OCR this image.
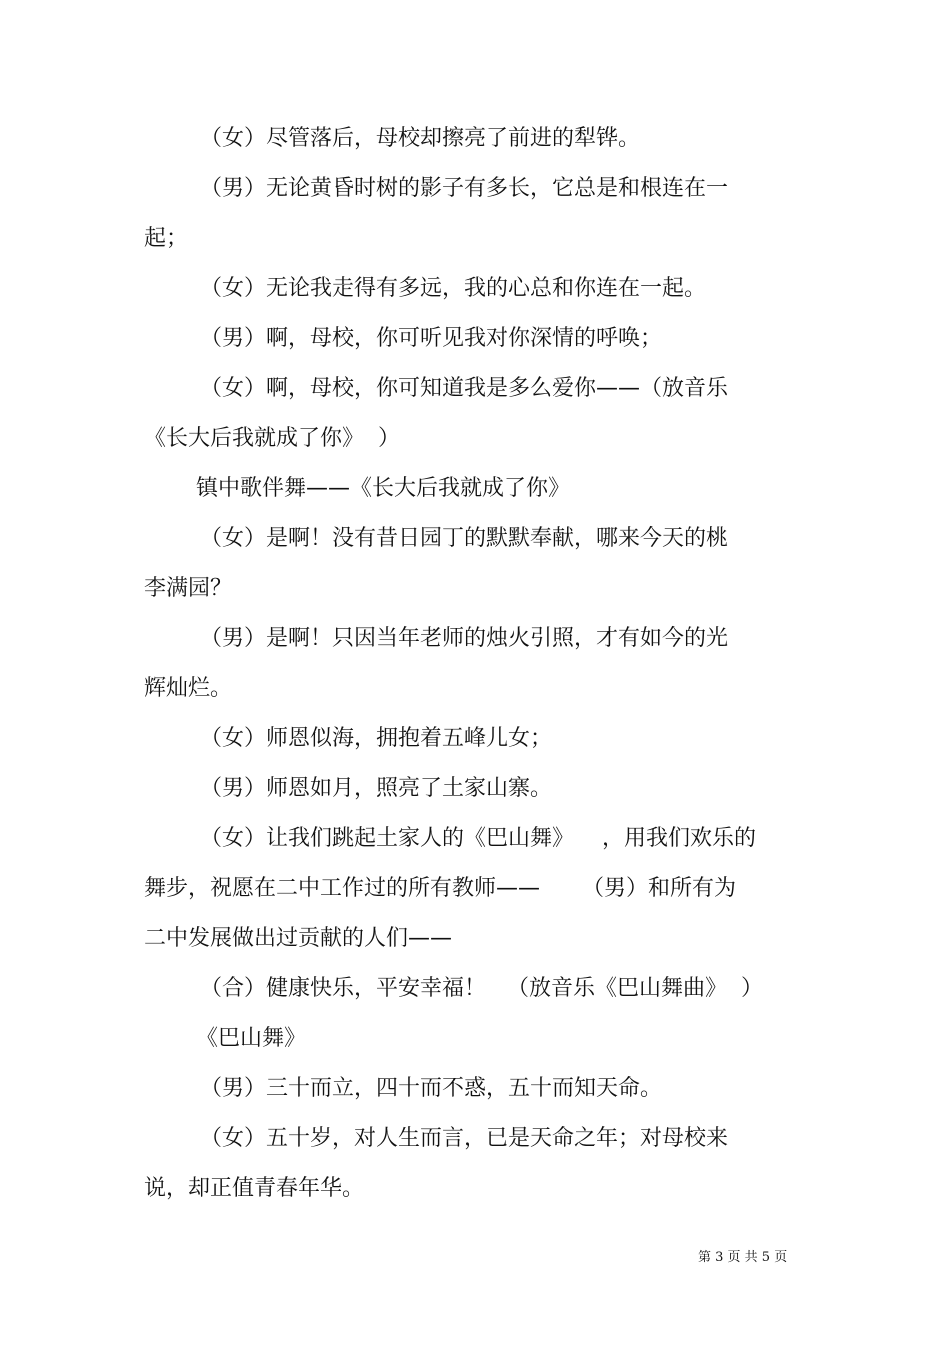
（女）尽管落后，母校却擦亮了前进的犁铧。
（男）无论黄昏时树的影子有多长，它总是和根连在一
起；
（女）无论我走得有多远，我的心总和你连在一起。
（男）啊，母校，你可听见我对你深情的呼唤；
（女）啊，母校，你可知道我是多么爱你——（放音乐
《长大后我就成了你》  ）
镇中歌伴舞——《长大后我就成了你》
（女）是啊！没有昔日园丁的默默奉献，哪来今天的桃
李满园？
（男）是啊！只因当年老师的烛火引照，才有如今的光
辉灿烂。
（女）师恩似海，拥抱着五峰儿女；
（男）师恩如月，照亮了土家山寨。
（女）让我们跳起土家人的《巴山舞》    ，用我们欢乐的
舞步，祝愿在二中工作过的所有教师——      （男）和所有为
二中发展做出过贡献的人们——
（合）健康快乐，平安幸福！   （放音乐《巴山舞曲》  ）
《巴山舞》
（男）三十而立，四十而不惑，五十而知天命。
（女）五十岁，对人生而言，已是天命之年；对母校来
说，却正值青春年华。
第 3 页 共 5 页
